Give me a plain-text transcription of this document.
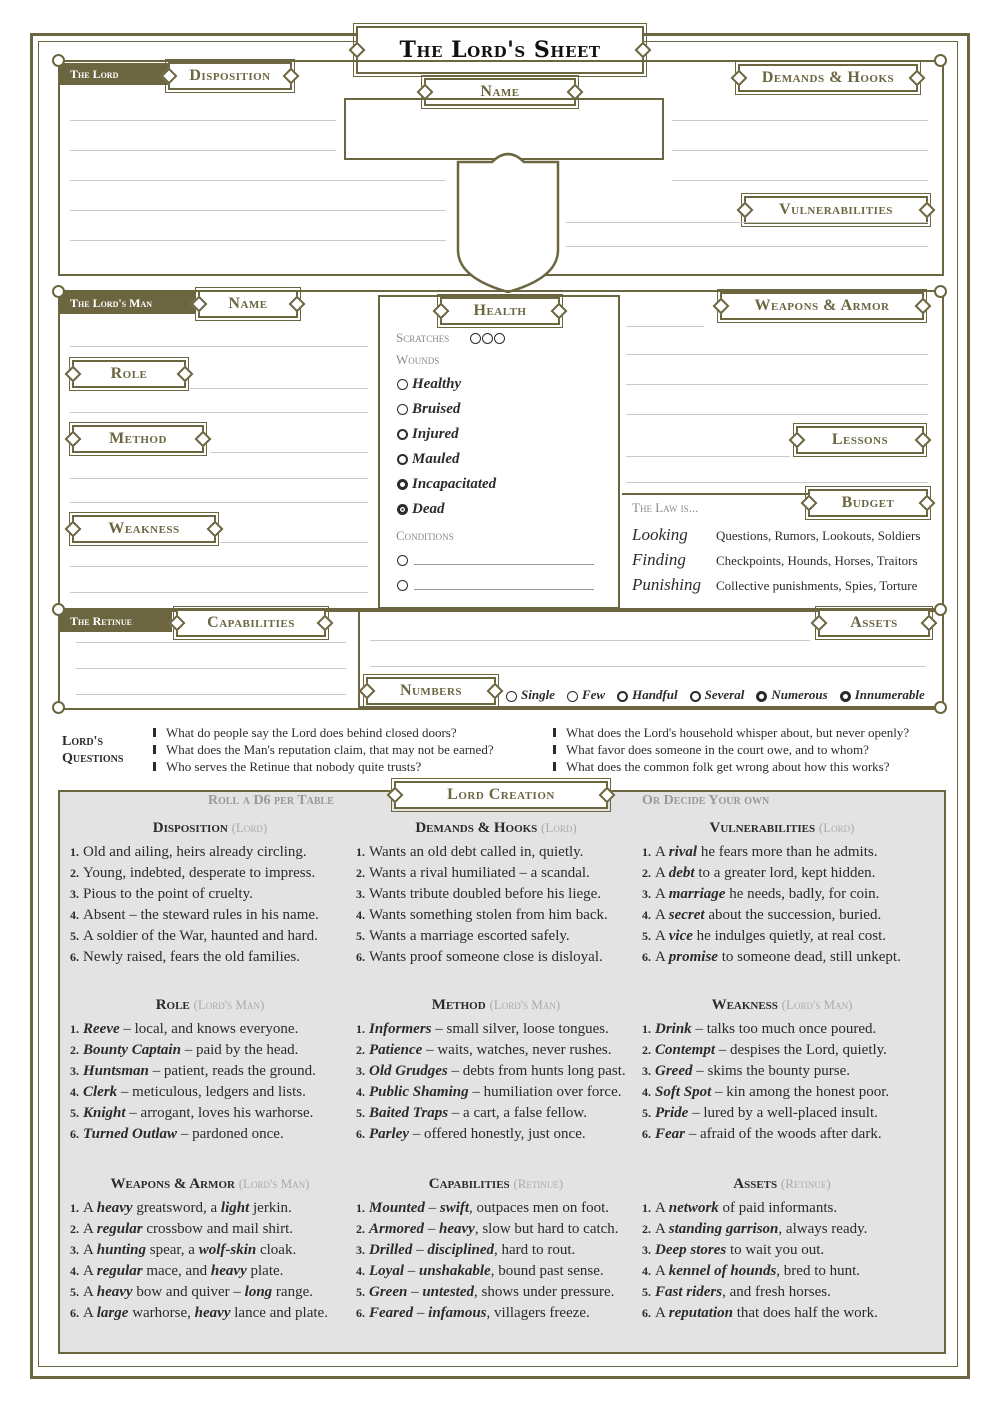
The Lord's Sheet
The Lord	Disposition
Name
Demands & Hooks
Vulnerabilities
The Lord's Man	Name
Role
Method
Weakness
Health
Scratches
Wounds
Healthy
Bruised
Injured
Mauled
Incapacitated
Dead
Conditions
Weapons & Armor
Lessons
Budget
The Law is...
Looking Questions, Rumors, Lookouts, Soldiers
Finding Checkpoints, Hounds, Horses, Traitors
Punishing Collective punishments, Spies, Torture
The Retinue	Capabilities	Assets
Numbers	Single Few Handful Several Numerous Innumerable
Lord's
Questions
What do people say the Lord does behind closed doors?
What does the Man's reputation claim, that may not be earned?
Who serves the Retinue that nobody quite trusts?
What does the Lord's household whisper about, but never openly?
What favor does someone in the court owe, and to whom?
What does the common folk get wrong about how this works?
Lord Creation
Roll a D6 per Table	Or Decide Your own
Disposition (Lord)
1. Old and ailing, heirs already circling.
2. Young, indebted, desperate to impress.
3. Pious to the point of cruelty.
4. Absent – the steward rules in his name.
5. A soldier of the War, haunted and hard.
6. Newly raised, fears the old families.
Demands & Hooks (Lord)
1. Wants an old debt called in, quietly.
2. Wants a rival humiliated – a scandal.
3. Wants tribute doubled before his liege.
4. Wants something stolen from him back.
5. Wants a marriage escorted safely.
6. Wants proof someone close is disloyal.
Vulnerabilities (Lord)
1. A rival he fears more than he admits.
2. A debt to a greater lord, kept hidden.
3. A marriage he needs, badly, for coin.
4. A secret about the succession, buried.
5. A vice he indulges quietly, at real cost.
6. A promise to someone dead, still unkept.
Role (Lord's Man)
1. Reeve – local, and knows everyone.
2. Bounty Captain – paid by the head.
3. Huntsman – patient, reads the ground.
4. Clerk – meticulous, ledgers and lists.
5. Knight – arrogant, loves his warhorse.
6. Turned Outlaw – pardoned once.
Method (Lord's Man)
1. Informers – small silver, loose tongues.
2. Patience – waits, watches, never rushes.
3. Old Grudges – debts from hunts long past.
4. Public Shaming – humiliation over force.
5. Baited Traps – a cart, a false fellow.
6. Parley – offered honestly, just once.
Weakness (Lord's Man)
1. Drink – talks too much once poured.
2. Contempt – despises the Lord, quietly.
3. Greed – skims the bounty purse.
4. Soft Spot – kin among the honest poor.
5. Pride – lured by a well-placed insult.
6. Fear – afraid of the woods after dark.
Weapons & Armor (Lord's Man)
1. A heavy greatsword, a light jerkin.
2. A regular crossbow and mail shirt.
3. A hunting spear, a wolf-skin cloak.
4. A regular mace, and heavy plate.
5. A heavy bow and quiver – long range.
6. A large warhorse, heavy lance and plate.
Capabilities (Retinue)
1. Mounted – swift, outpaces men on foot.
2. Armored – heavy, slow but hard to catch.
3. Drilled – disciplined, hard to rout.
4. Loyal – unshakable, bound past sense.
5. Green – untested, shows under pressure.
6. Feared – infamous, villagers freeze.
Assets (Retinue)
1. A network of paid informants.
2. A standing garrison, always ready.
3. Deep stores to wait you out.
4. A kennel of hounds, bred to hunt.
5. Fast riders, and fresh horses.
6. A reputation that does half the work.
